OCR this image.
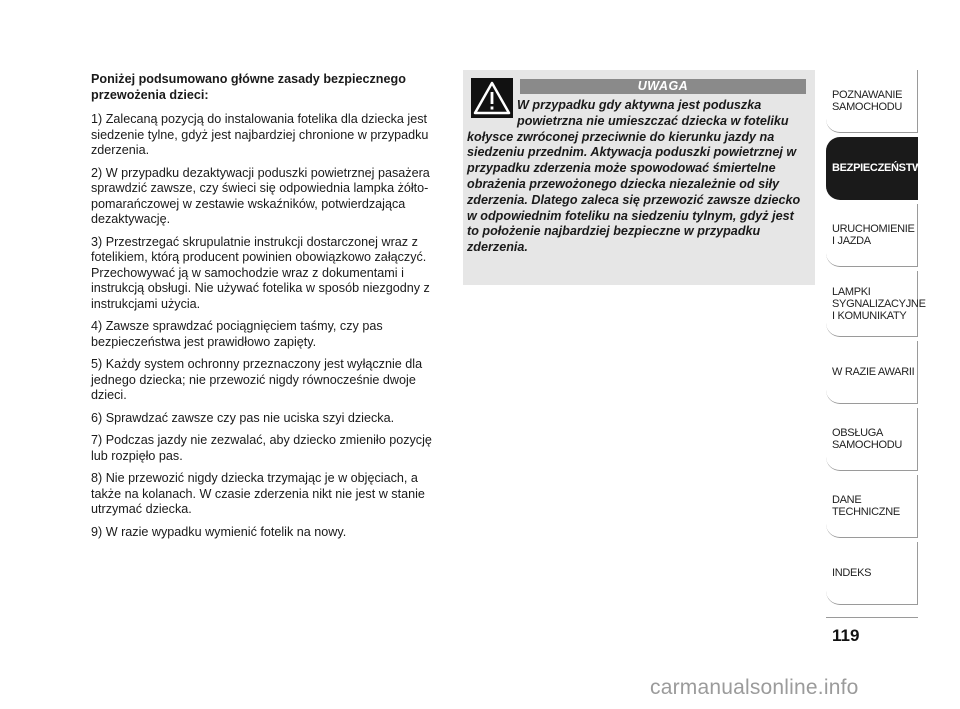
Poniżej podsumowano główne zasady bezpiecznego przewożenia dzieci:

1) Zalecaną pozycją do instalowania fotelika dla dziecka jest siedzenie tylne, gdyż jest najbardziej chronione w przypadku zderzenia.

2) W przypadku dezaktywacji poduszki powietrznej pasażera sprawdzić zawsze, czy świeci się odpowiednia lampka żółto-pomarańczowej w zestawie wskaźników, potwierdzająca dezaktywację.

3) Przestrzegać skrupulatnie instrukcji dostarczonej wraz z fotelikiem, którą producent powinien obowiązkowo załączyć. Przechowywać ją w samochodzie wraz z dokumentami i instrukcją obsługi. Nie używać fotelika w sposób niezgodny z instrukcjami użycia.

4) Zawsze sprawdzać pociągnięciem taśmy, czy pas bezpieczeństwa jest prawidłowo zapięty.

5) Każdy system ochronny przeznaczony jest wyłącznie dla jednego dziecka; nie przewozić nigdy równocześnie dwoje dzieci.

6) Sprawdzać zawsze czy pas nie uciska szyi dziecka.

7) Podczas jazdy nie zezwalać, aby dziecko zmieniło pozycję lub rozpięło pas.

8) Nie przewozić nigdy dziecka trzymając je w objęciach, a także na kolanach. W czasie zderzenia nikt nie jest w stanie utrzymać dziecka.

9) W razie wypadku wymienić fotelik na nowy.

UWAGA
W przypadku gdy aktywna jest poduszka powietrzna nie umieszczać dziecka w foteliku kołysce zwróconej przeciwnie do kierunku jazdy na siedzeniu przednim. Aktywacja poduszki powietrznej w przypadku zderzenia może spowodować śmiertelne obrażenia przewożonego dziecka niezależnie od siły zderzenia. Dlatego zaleca się przewozić zawsze dziecko w odpowiednim foteliku na siedzeniu tylnym, gdyż jest to położenie najbardziej bezpieczne w przypadku zderzenia.
POZNAWANIE
SAMOCHODU
BEZPIECZEŃSTWO
URUCHOMIENIE
I JAZDA
LAMPKI
SYGNALIZACYJNE
I KOMUNIKATY
W RAZIE AWARII
OBSŁUGA
SAMOCHODU
DANE
TECHNICZNE
INDEKS
119
carmanualsonline.info
